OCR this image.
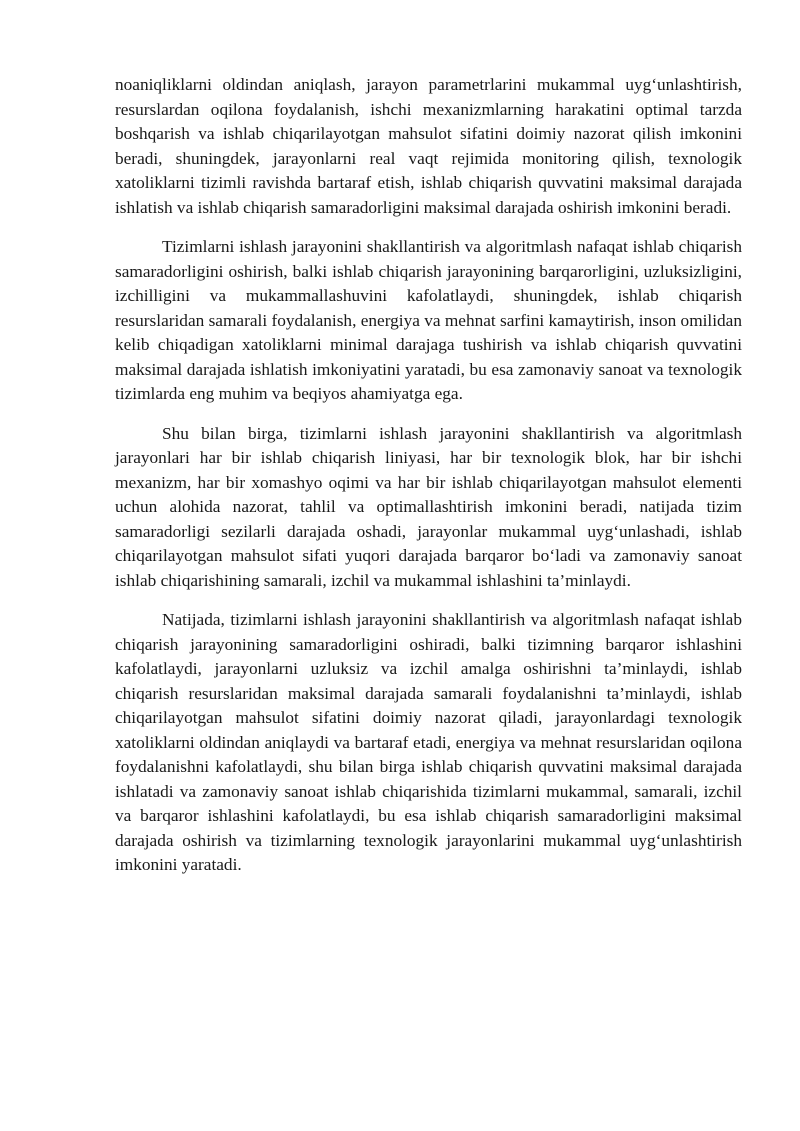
noaniqliklarni oldindan aniqlash, jarayon parametrlarini mukammal uyg‘unlashtirish, resurslardan oqilona foydalanish, ishchi mexanizmlarning harakatini optimal tarzda boshqarish va ishlab chiqarilayotgan mahsulot sifatini doimiy nazorat qilish imkonini beradi, shuningdek, jarayonlarni real vaqt rejimida monitoring qilish, texnologik xatoliklarni tizimli ravishda bartaraf etish, ishlab chiqarish quvvatini maksimal darajada ishlatish va ishlab chiqarish samaradorligini maksimal darajada oshirish imkonini beradi.

Tizimlarni ishlash jarayonini shakllantirish va algoritmlash nafaqat ishlab chiqarish samaradorligini oshirish, balki ishlab chiqarish jarayonining barqarorligini, uzluksizligini, izchilligini va mukammallashuvini kafolatlaydi, shuningdek, ishlab chiqarish resurslaridan samarali foydalanish, energiya va mehnat sarfini kamaytirish, inson omilidan kelib chiqadigan xatoliklarni minimal darajaga tushirish va ishlab chiqarish quvvatini maksimal darajada ishlatish imkoniyatini yaratadi, bu esa zamonaviy sanoat va texnologik tizimlarda eng muhim va beqiyos ahamiyatga ega.

Shu bilan birga, tizimlarni ishlash jarayonini shakllantirish va algoritmlash jarayonlari har bir ishlab chiqarish liniyasi, har bir texnologik blok, har bir ishchi mexanizm, har bir xomashyo oqimi va har bir ishlab chiqarilayotgan mahsulot elementi uchun alohida nazorat, tahlil va optimallashtirish imkonini beradi, natijada tizim samaradorligi sezilarli darajada oshadi, jarayonlar mukammal uyg‘unlashadi, ishlab chiqarilayotgan mahsulot sifati yuqori darajada barqaror bo‘ladi va zamonaviy sanoat ishlab chiqarishining samarali, izchil va mukammal ishlashini ta’minlaydi.

Natijada, tizimlarni ishlash jarayonini shakllantirish va algoritmlash nafaqat ishlab chiqarish jarayonining samaradorligini oshiradi, balki tizimning barqaror ishlashini kafolatlaydi, jarayonlarni uzluksiz va izchil amalga oshirishni ta’minlaydi, ishlab chiqarish resurslaridan maksimal darajada samarali foydalanishni ta’minlaydi, ishlab chiqarilayotgan mahsulot sifatini doimiy nazorat qiladi, jarayonlardagi texnologik xatoliklarni oldindan aniqlaydi va bartaraf etadi, energiya va mehnat resurslaridan oqilona foydalanishni kafolatlaydi, shu bilan birga ishlab chiqarish quvvatini maksimal darajada ishlatadi va zamonaviy sanoat ishlab chiqarishida tizimlarni mukammal, samarali, izchil va barqaror ishlashini kafolatlaydi, bu esa ishlab chiqarish samaradorligini maksimal darajada oshirish va tizimlarning texnologik jarayonlarini mukammal uyg‘unlashtirish imkonini yaratadi.
